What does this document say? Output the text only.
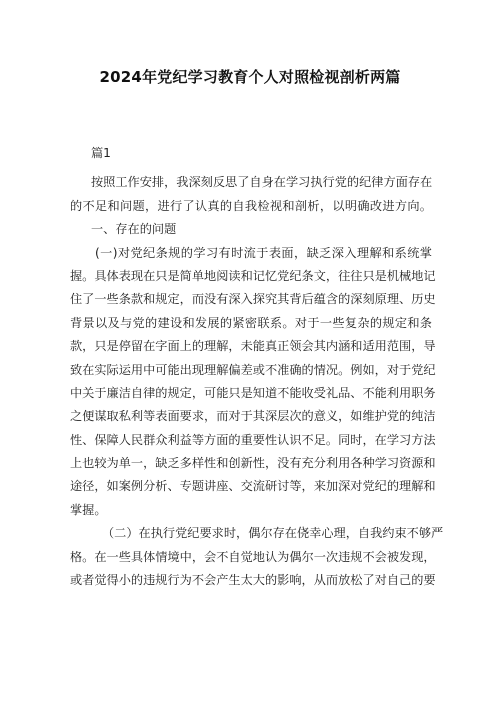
2024年党纪学习教育个人对照检视剖析两篇
篇1
按照工作安排，我深刻反思了自身在学习执行党的纪律方面存在
的不足和问题，进行了认真的自我检视和剖析，以明确改进方向。
一、存在的问题
(一)对党纪条规的学习有时流于表面，缺乏深入理解和系统掌
握。具体表现在只是简单地阅读和记忆党纪条文，往往只是机械地记
住了一些条款和规定，而没有深入探究其背后蕴含的深刻原理、历史
背景以及与党的建设和发展的紧密联系。对于一些复杂的规定和条
款，只是停留在字面上的理解，未能真正领会其内涵和适用范围，导
致在实际运用中可能出现理解偏差或不准确的情况。例如，对于党纪
中关于廉洁自律的规定，可能只是知道不能收受礼品、不能利用职务
之便谋取私利等表面要求，而对于其深层次的意义，如维护党的纯洁
性、保障人民群众利益等方面的重要性认识不足。同时，在学习方法
上也较为单一，缺乏多样性和创新性，没有充分利用各种学习资源和
途径，如案例分析、专题讲座、交流研讨等，来加深对党纪的理解和
掌握。
（二）在执行党纪要求时，偶尔存在侥幸心理，自我约束不够严
格。在一些具体情境中，会不自觉地认为偶尔一次违规不会被发现，
或者觉得小的违规行为不会产生太大的影响，从而放松了对自己的要
